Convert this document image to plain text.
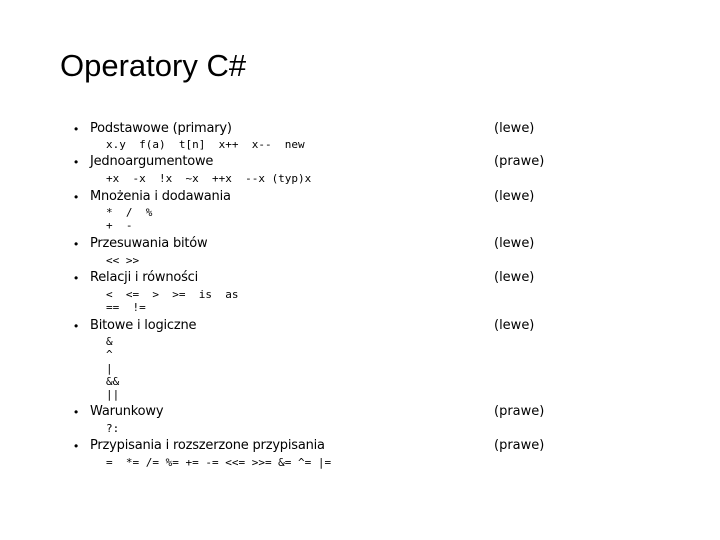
Operatory C#
• Podstawowe (primary)	(lewe)
x.y  f(a)  t[n]  x++  x--  new
• Jednoargumentowe	(prawe)
+x  -x  !x  ~x  ++x  --x (typ)x
• Mnożenia i dodawania	(lewe)
*  /  %
+  -
• Przesuwania bitów	(lewe)
<< >>
• Relacji i równości	(lewe)
<  <=  >  >=  is  as
==  !=
• Bitowe i logiczne	(lewe)
&
^
|
&&
||
• Warunkowy	(prawe)
?:
• Przypisania i rozszerzone przypisania	(prawe)
=  *= /= %= += -= <<= >>= &= ^= |=
